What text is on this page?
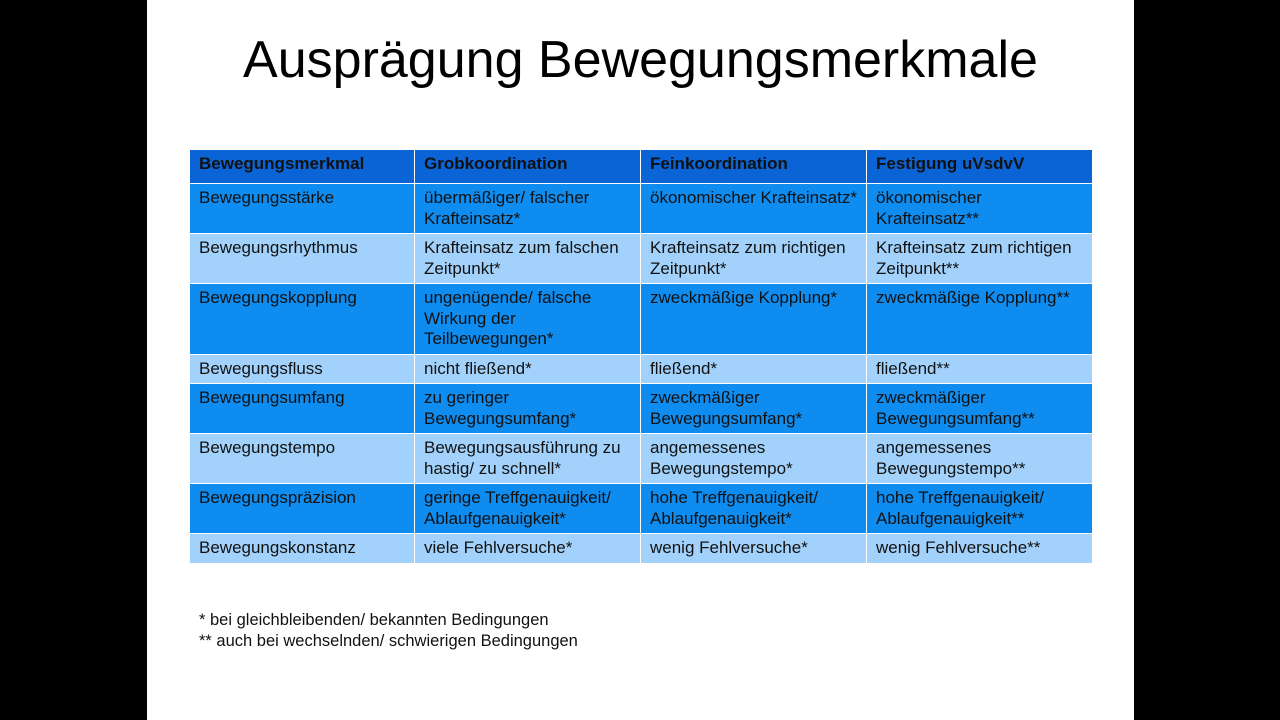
Ausprägung Bewegungsmerkmale
Bewegungsmerkmal	Grobkoordination	Feinkoordination	Festigung uVsdvV
Bewegungsstärke	übermäßiger/ falscher Krafteinsatz*	ökonomischer Krafteinsatz*	ökonomischer Krafteinsatz**
Bewegungsrhythmus	Krafteinsatz zum falschen Zeitpunkt*	Krafteinsatz zum richtigen Zeitpunkt*	Krafteinsatz zum richtigen Zeitpunkt**
Bewegungskopplung	ungenügende/ falsche Wirkung der Teilbewegungen*	zweckmäßige Kopplung*	zweckmäßige Kopplung**
Bewegungsfluss	nicht fließend*	fließend*	fließend**
Bewegungsumfang	zu geringer Bewegungsumfang*	zweckmäßiger Bewegungsumfang*	zweckmäßiger Bewegungsumfang**
Bewegungstempo	Bewegungsausführung zu hastig/ zu schnell*	angemessenes Bewegungstempo*	angemessenes Bewegungstempo**
Bewegungspräzision	geringe Treffgenauigkeit/ Ablaufgenauigkeit*	hohe Treffgenauigkeit/ Ablaufgenauigkeit*	hohe Treffgenauigkeit/ Ablaufgenauigkeit**
Bewegungskonstanz	viele Fehlversuche*	wenig Fehlversuche*	wenig Fehlversuche**
* bei gleichbleibenden/ bekannten Bedingungen
** auch bei wechselnden/ schwierigen Bedingungen
